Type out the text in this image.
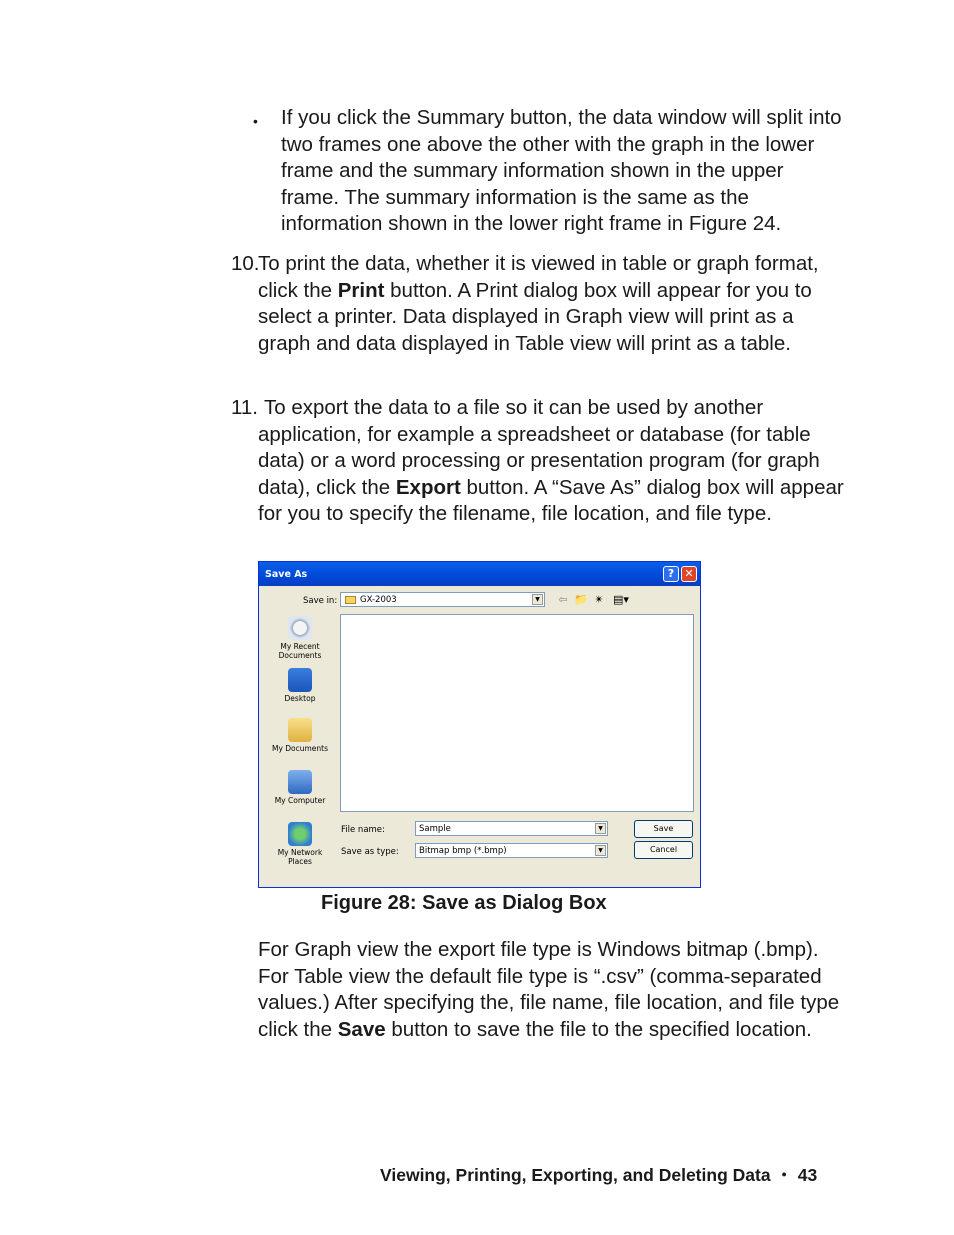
• If you click the Summary button, the data window will split into two frames one above the other with the graph in the lower frame and the summary information shown in the upper frame. The summary information is the same as the information shown in the lower right frame in Figure 24.
10.
To print the data, whether it is viewed in table or graph format, click the Print button. A Print dialog box will appear for you to select a printer. Data displayed in Graph view will print as a graph and data displayed in Table view will print as a table.
11. To export the data to a file so it can be used by another application, for example a spreadsheet or database (for table data) or a word processing or presentation program (for graph data), click the Export button. A “Save As” dialog box will appear for you to specify the filename, file location, and file type.
Save As	? ✕
Save in:	GX-2003	▼	⇦ 📁 ✴ ▤▾
My Recent Documents
Desktop
My Documents
My Computer
My Network Places
File name:	Sample	▼
Save as type: Bitmap bmp (*.bmp)	▼
Save
Cancel
Figure 28: Save as Dialog Box
For Graph view the export file type is Windows bitmap (.bmp). For Table view the default file type is “.csv” (comma-separated values.) After specifying the, file name, file location, and file type click the Save button to save the file to the specified location.
Viewing, Printing, Exporting, and Deleting Data ・ 43
